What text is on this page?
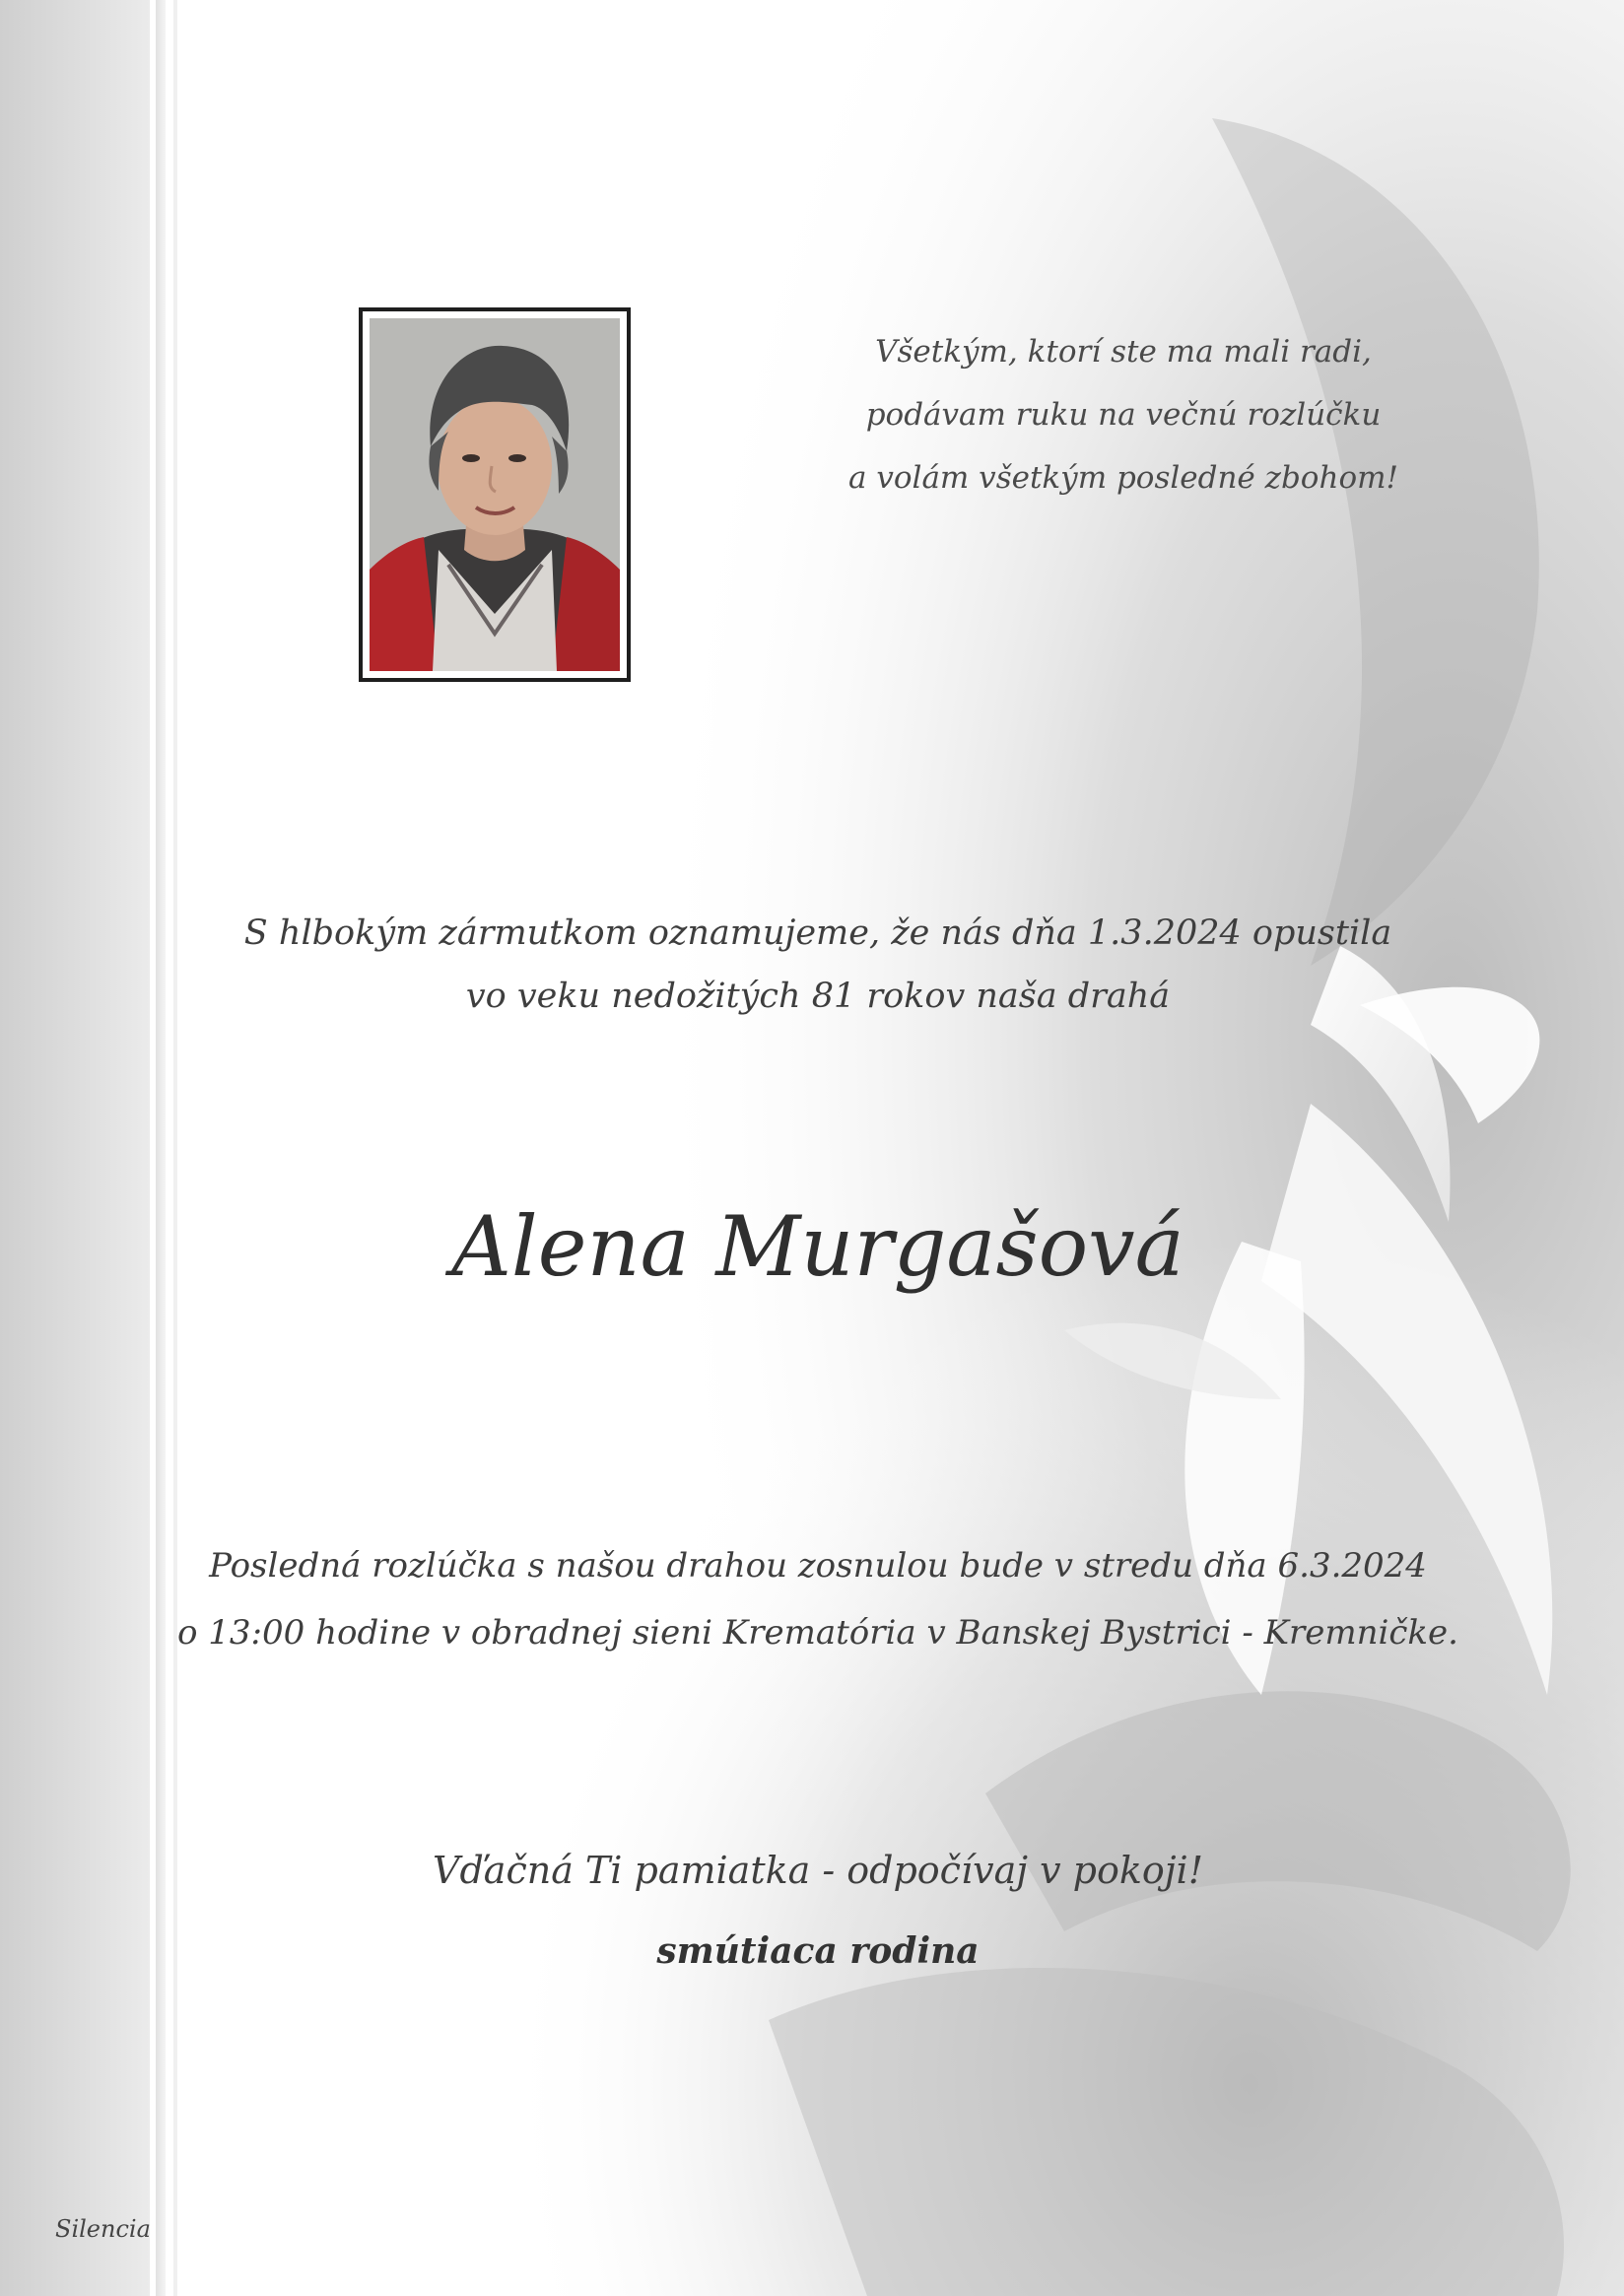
Všetkým, ktorí ste ma mali radi,
podávam ruku na večnú rozlúčku
a volám všetkým posledné zbohom!
S hlbokým zármutkom oznamujeme, že nás dňa 1.3.2024 opustila
vo veku nedožitých 81 rokov naša drahá
Alena Murgašová
Posledná rozlúčka s našou drahou zosnulou bude v stredu dňa 6.3.2024
o 13:00 hodine v obradnej sieni Krematória v Banskej Bystrici - Kremničke.
Vďačná Ti pamiatka - odpočívaj v pokoji!
smútiaca rodina
Silencia
